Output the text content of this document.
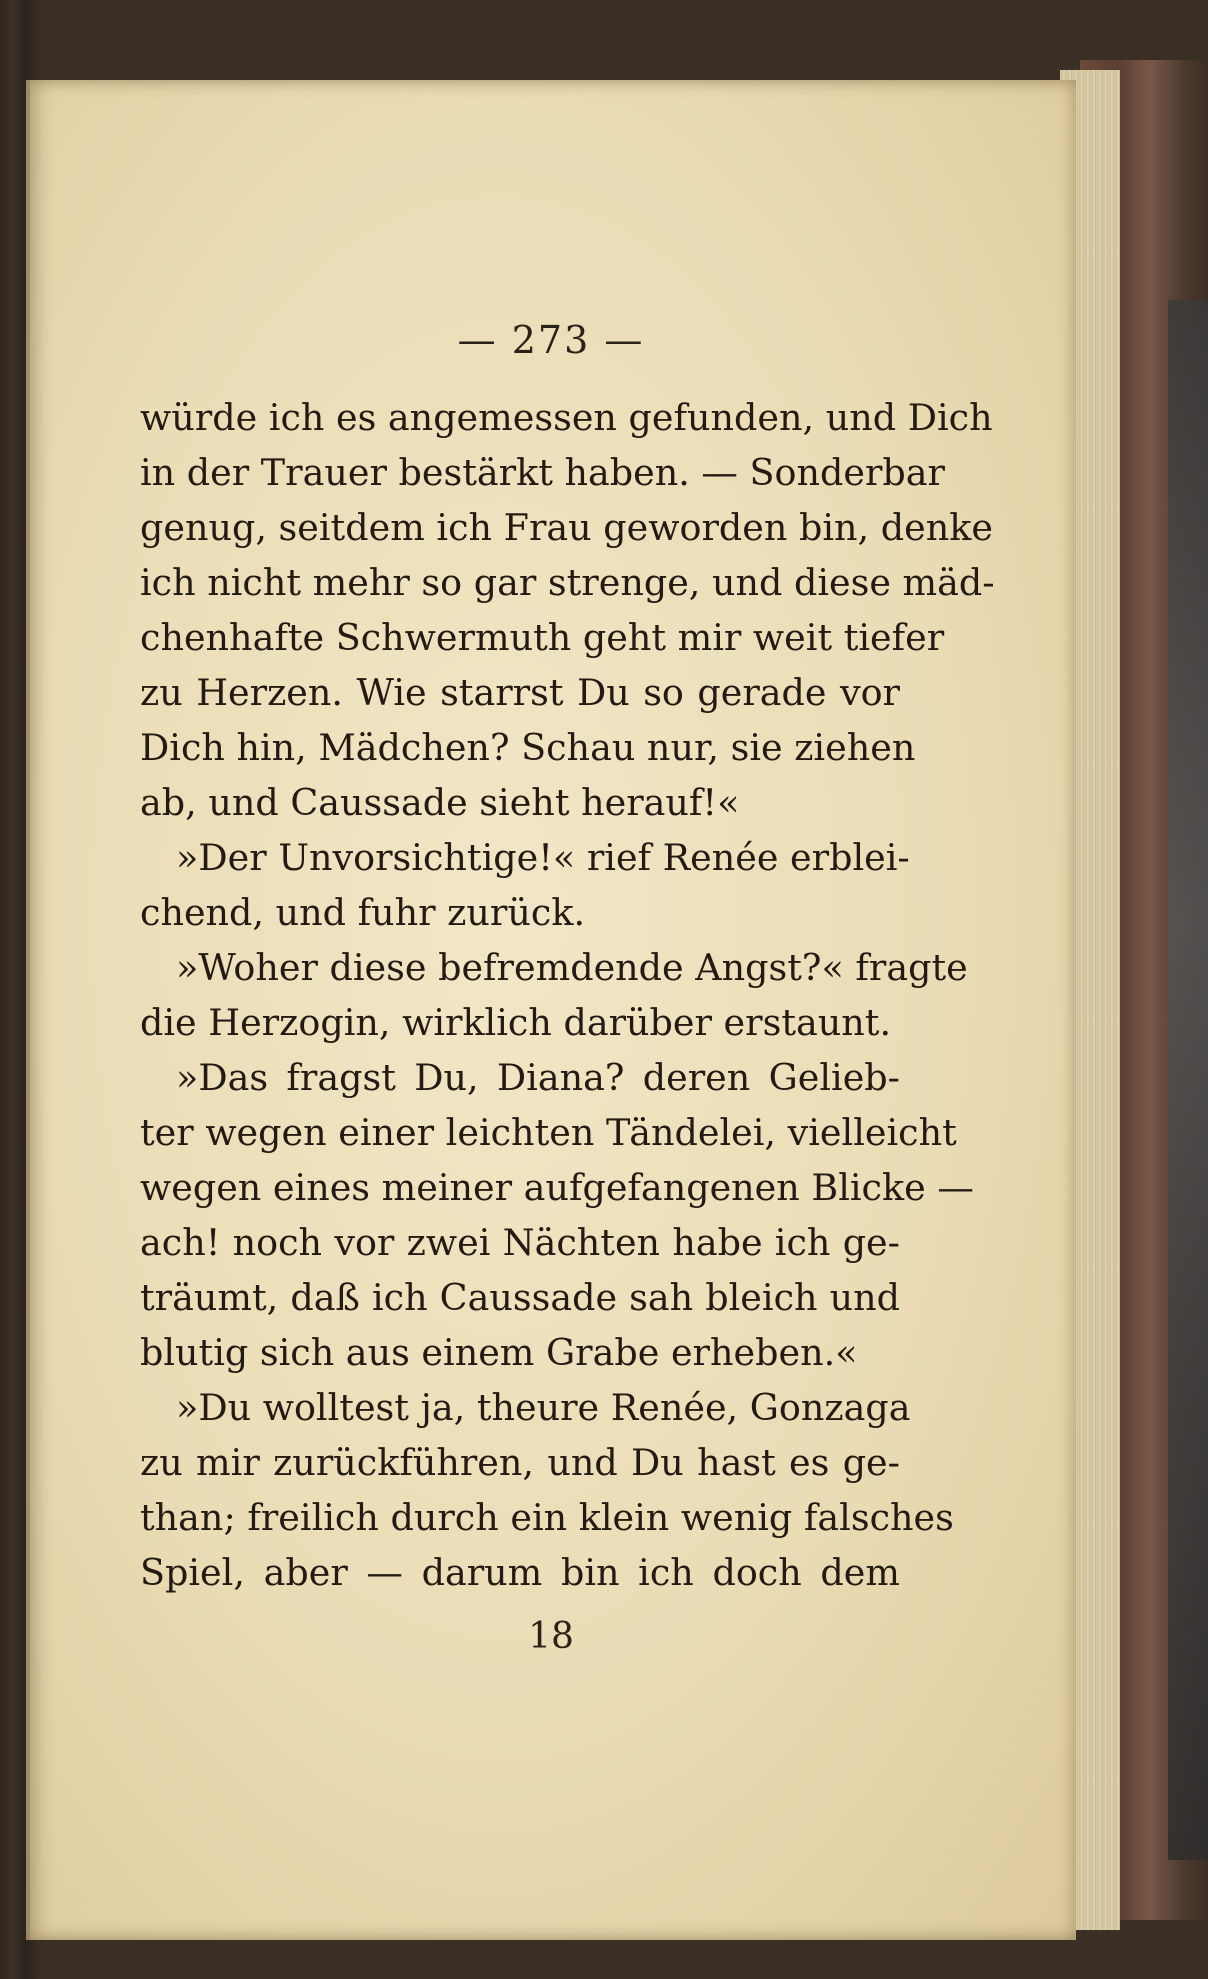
— 273 —
würde ich es angemessen gefunden, und Dich
in der Trauer bestärkt haben. — Sonderbar
genug, seitdem ich Frau geworden bin, denke
ich nicht mehr so gar strenge, und diese mäd-
chenhafte Schwermuth geht mir weit tiefer
zu Herzen. Wie starrst Du so gerade vor
Dich hin, Mädchen? Schau nur, sie ziehen
ab, und Caussade sieht herauf!«
»Der Unvorsichtige!« rief Renée erblei-
chend, und fuhr zurück.
»Woher diese befremdende Angst?« fragte
die Herzogin, wirklich darüber erstaunt.
»Das fragst Du, Diana? deren Gelieb-
ter wegen einer leichten Tändelei, vielleicht
wegen eines meiner aufgefangenen Blicke —
ach! noch vor zwei Nächten habe ich ge-
träumt, daß ich Caussade sah bleich und
blutig sich aus einem Grabe erheben.«
»Du wolltest ja, theure Renée, Gonzaga
zu mir zurückführen, und Du hast es ge-
than; freilich durch ein klein wenig falsches
Spiel, aber — darum bin ich doch dem
18
